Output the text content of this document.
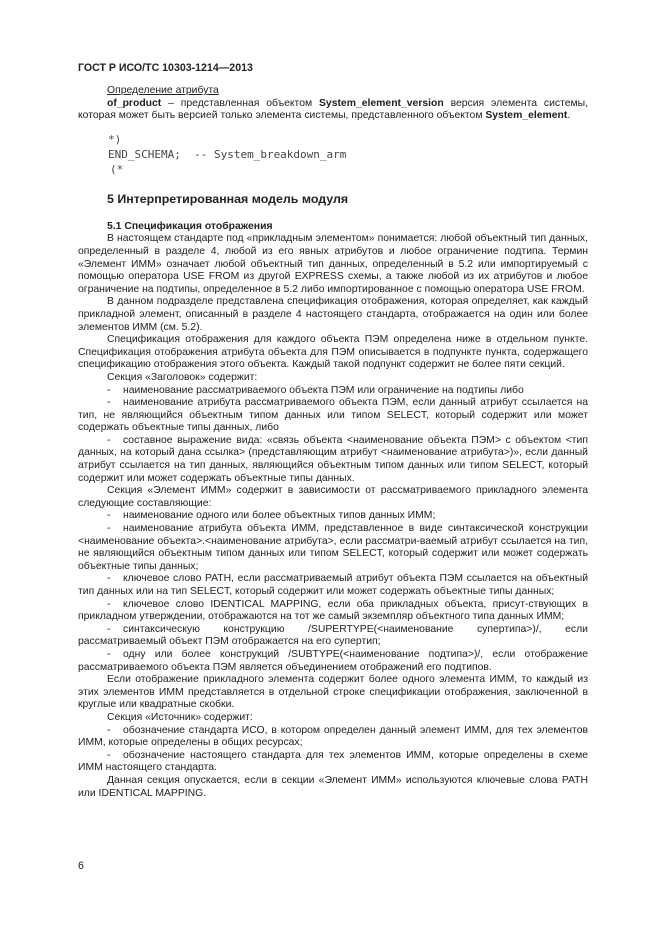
ГОСТ Р ИСО/ТС 10303-1214—2013

Определение атрибута

of_product – представленная объектом System_element_version версия элемента системы, которая может быть версией только элемента системы, представленного объектом System_element.

*)
END_SCHEMA;  -- System_breakdown_arm
(*
5 Интерпретированная модель модуля
5.1 Спецификация отображения

В настоящем стандарте под «прикладным элементом» понимается: любой объектный тип данных, определенный в разделе 4, любой из его явных атрибутов и любое ограничение подтипа. Термин «Элемент ИММ» означает любой объектный тип данных, определенный в 5.2 или импортируемый с помощью оператора USE FROM из другой EXPRESS схемы, а также любой из их атрибутов и любое ограничение на подтипы, определенное в 5.2 либо импортированное с помощью оператора USE FROM.

В данном подразделе представлена спецификация отображения, которая определяет, как каждый прикладной элемент, описанный в разделе 4 настоящего стандарта, отображается на один или более элементов ИММ (см. 5.2).

Спецификация отображения для каждого объекта ПЭМ определена ниже в отдельном пункте. Спецификация отображения атрибута объекта для ПЭМ описывается в подпункте пункта, содержащего спецификацию отображения этого объекта. Каждый такой подпункт содержит не более пяти секций.

Секция «Заголовок» содержит:

-	наименование рассматриваемого объекта ПЭМ или ограничение на подтипы либо

- наименование атрибута рассматриваемого объекта ПЭМ, если данный атрибут ссылается на тип, не являющийся объектным типом данных или типом SELECT, который содержит или может содержать объектные типы данных, либо

- составное выражение вида: «связь объекта <наименование объекта ПЭМ> с объектом <тип данных, на который дана ссылка> (представляющим атрибут <наименование атрибута>)», если данный атрибут ссылается на тип данных, являющийся объектным типом данных или типом SELECT, который содержит или может содержать объектные типы данных.

Секция «Элемент ИММ» содержит в зависимости от рассматриваемого прикладного элемента следующие составляющие:

-	наименование одного или более объектных типов данных ИММ;

- наименование атрибута объекта ИММ, представленное в виде синтаксической конструкции <наименование объекта>.<наименование атрибута>, если рассматри-ваемый атрибут ссылается на тип, не являющийся объектным типом данных или типом SELECT, который содержит или может содержать объектные типы данных;

- ключевое слово PATH, если рассматриваемый атрибут объекта ПЭМ ссылается на объектный тип данных или на тип SELECT, который содержит или может содержать объектные типы данных;

- ключевое слово IDENTICAL MAPPING, если оба прикладных объекта, присут-ствующих в прикладном утверждении, отображаются на тот же самый экземпляр объектного типа данных ИММ;

- синтаксическую конструкцию /SUPERTYPE(<наименование супертипа>)/, если рассматриваемый объект ПЭМ отображается на его супертип;

- одну или более конструкций /SUBTYPE(<наименование подтипа>)/, если отображение рассматриваемого объекта ПЭМ является объединением отображений его подтипов.

Если отображение прикладного элемента содержит более одного элемента ИММ, то каждый из этих элементов ИММ представляется в отдельной строке спецификации отображения, заключенной в круглые или квадратные скобки.

Секция «Источник» содержит:

- обозначение стандарта ИСО, в котором определен данный элемент ИММ, для тех элементов ИММ, которые определены в общих ресурсах;

- обозначение настоящего стандарта для тех элементов ИММ, которые определены в схеме ИММ настоящего стандарта.

Данная секция опускается, если в секции «Элемент ИММ» используются ключевые слова PATH или IDENTICAL MAPPING.

6
